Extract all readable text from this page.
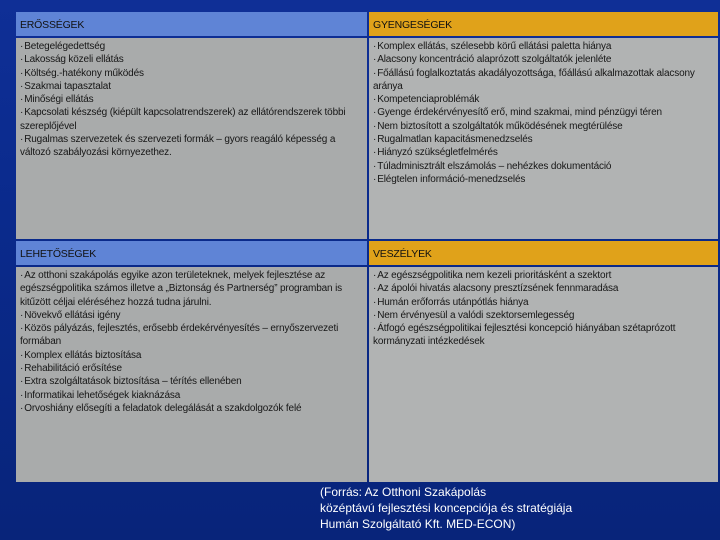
ERŐSSÉGEK	GYENGESÉGEK
· Betegelégedettség
· Lakosság közeli ellátás
· Költség.-hatékony működés
· Szakmai tapasztalat
· Minőségi ellátás
· Kapcsolati készség (kiépült kapcsolatrendszerek) az ellátórendszerek többi szereplőjével
· Rugalmas szervezetek és szervezeti formák – gyors reagáló képesség a változó szabályozási környezethez.
· Komplex ellátás, szélesebb körű ellátási paletta hiánya
· Alacsony koncentráció alaprózott szolgáltatók jelenléte
· Főállású foglalkoztatás akadályozottsága, főállású alkalmazottak alacsony aránya
· Kompetenciaproblémák
· Gyenge érdekérvényesítő erő, mind szakmai, mind pénzügyi téren
· Nem biztosított a szolgáltatók működésének megtérülése
· Rugalmatlan kapacitásmenedzselés
· Hiányzó szükségletfelmérés
· Túladminisztrált elszámolás – nehézkes dokumentáció
· Elégtelen információ-menedzselés
LEHETŐSÉGEK	VESZÉLYEK
· Az otthoni szakápolás egyike azon területeknek, melyek fejlesztése az egészségpolitika számos illetve a „Biztonság és Partnerség” programban is kitűzött céljai eléréséhez hozzá tudna járulni.
· Növekvő ellátási igény
· Közös pályázás, fejlesztés, erősebb érdekérvényesítés – ernyőszervezeti formában
· Komplex ellátás biztosítása
· Rehabilitáció erősítése
· Extra szolgáltatások biztosítása – térítés ellenében
· Informatikai lehetőségek kiaknázása
· Orvoshiány elősegíti a feladatok delegálását a szakdolgozók felé
· Az egészségpolitika nem kezeli prioritásként a szektort
· Az ápolói hivatás alacsony presztízsének fennmaradása
· Humán erőforrás utánpótlás hiánya
· Nem érvényesül a valódi szektorsemlegesség
· Átfogó egészségpolitikai fejlesztési koncepció hiányában szétaprózott kormányzati intézkedések
(Forrás: Az Otthoni Szakápolás
középtávú fejlesztési koncepciója és stratégiája
Humán Szolgáltató Kft. MED-ECON)
